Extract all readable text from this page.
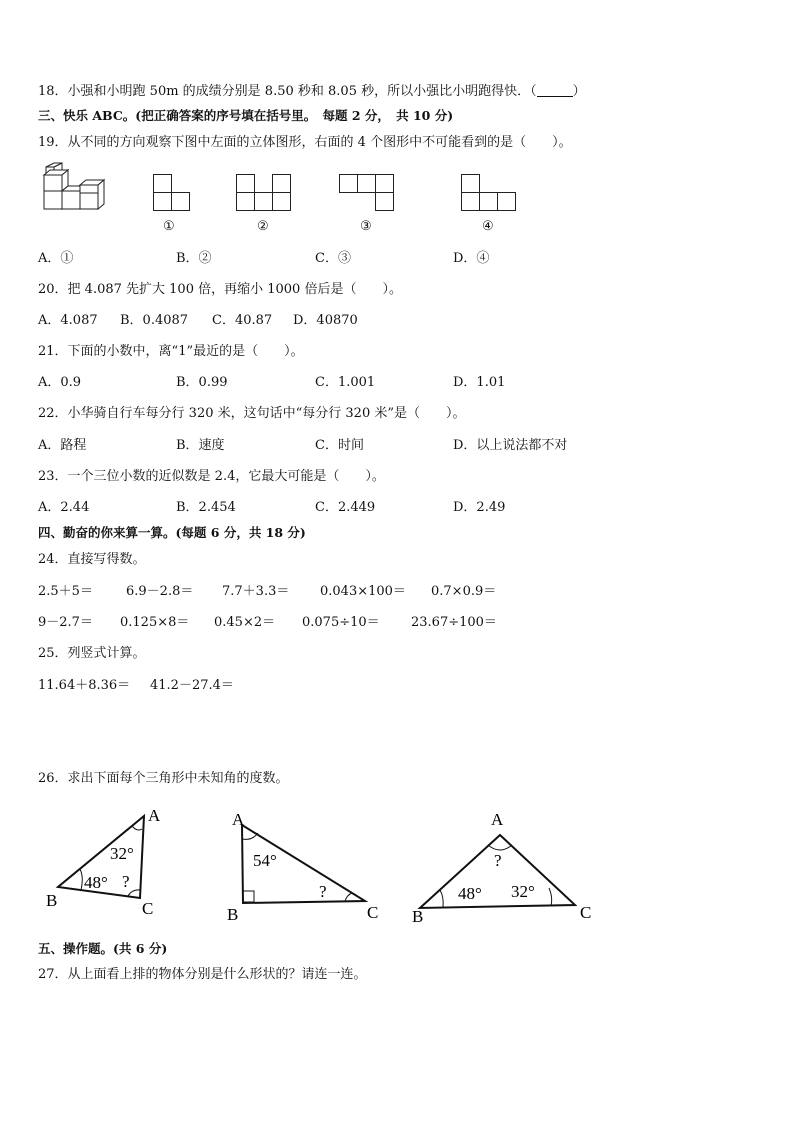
18．小强和小明跑 50m 的成绩分别是 8.50 秒和 8.05 秒，所以小强比小明跑得快．（	）
三、快乐 ABC。(把正确答案的序号填在括号里。　每题 2 分，　共 10 分)
19．从不同的方向观察下图中左面的立体图形，右面的 4 个图形中不可能看到的是（　　）。
①	②	③	④
A．①	B．②	C．③	D．④
20．把 4.087 先扩大 100 倍，再缩小 1000 倍后是（　　）。
A．4.087 B．0.4087 C．40.87 D．40870
21．下面的小数中，离“1”最近的是（　　）。
A．0.9	B．0.99	C．1.001	D．1.01
22．小华骑自行车每分行 320 米，这句话中“每分行 320 米”是（　　）。
A．路程	B．速度	C．时间	D．以上说法都不对
23．一个三位小数的近似数是 2.4，它最大可能是（　　）。
A．2.44	B．2.454	C．2.449	D．2.49
四、勤奋的你来算一算。(每题 6 分，共 18 分)
24．直接写得数。
2.5＋5＝	6.9－2.8＝ 7.7＋3.3＝ 0.043×100＝ 0.7×0.9＝
9－2.7＝ 0.125×8＝ 0.45×2＝ 0.075÷10＝ 23.67÷100＝
25．列竖式计算。
11.64＋8.36＝ 41.2－27.4＝
26．求出下面每个三角形中未知角的度数。
A
B	C
32°
48° ?
A
B	C
54°
?
A
B	C
?
48° 32°
五、操作题。(共 6 分)
27．从上面看上排的物体分别是什么形状的？请连一连。
